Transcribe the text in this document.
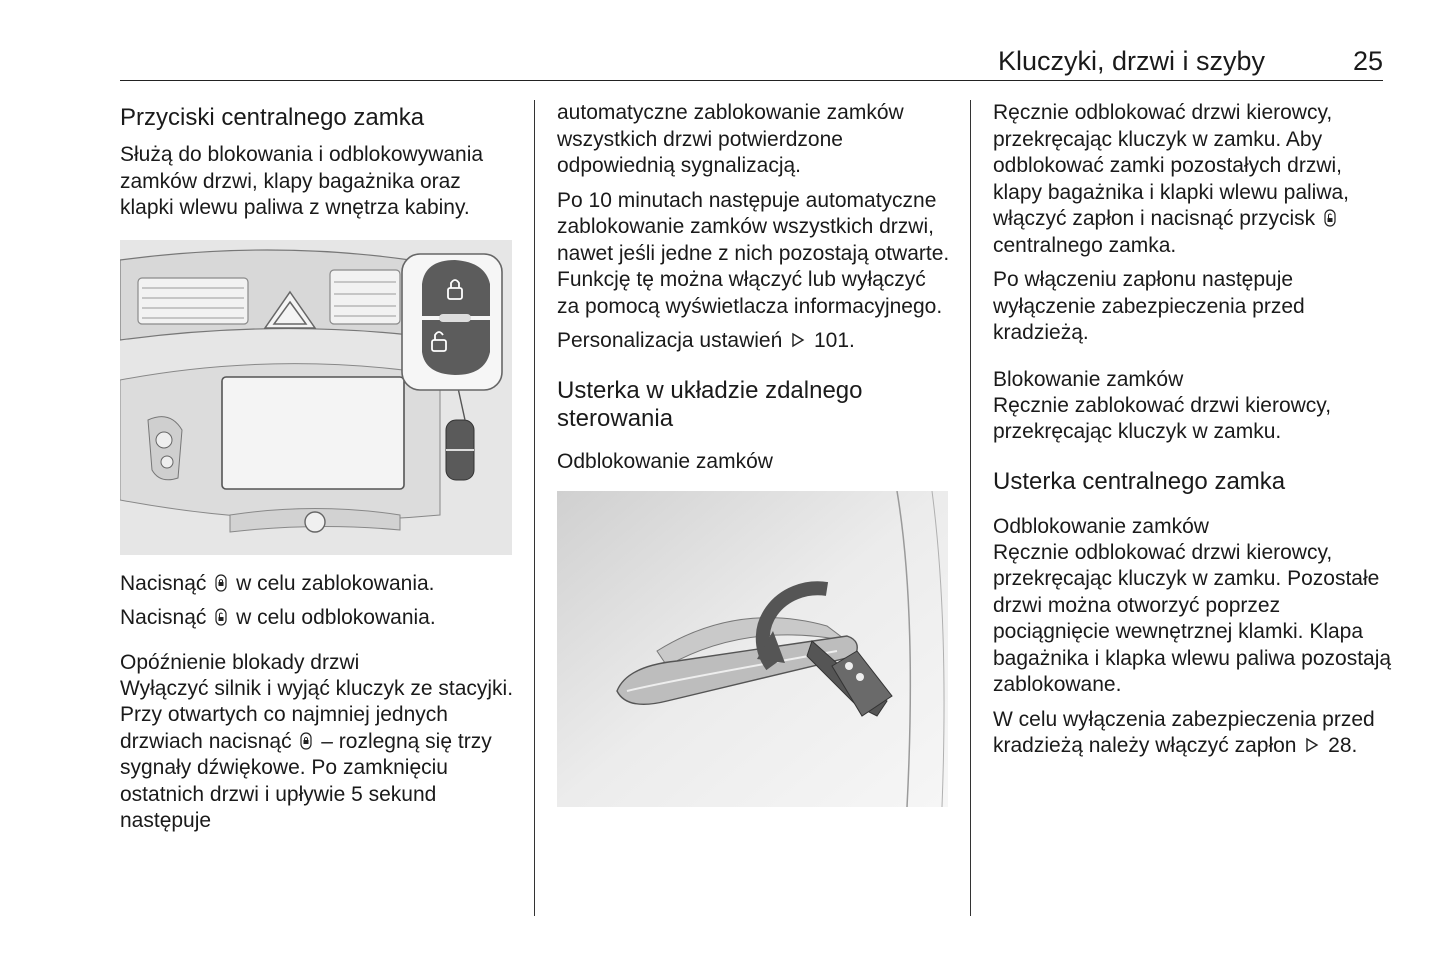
Kluczyki, drzwi i szyby	25
Przyciski centralnego zamka

Służą do blokowania i odblokowywania zamków drzwi, klapy bagażnika oraz klapki wlewu paliwa z wnętrza kabiny.

Nacisnąć w celu zablokowania.

Nacisnąć w celu odblokowania.

Opóźnienie blokady drzwi

Wyłączyć silnik i wyjąć kluczyk ze stacyjki. Przy otwartych co najmniej jednych drzwiach nacisnąć – rozlegną się trzy sygnały dźwiękowe. Po zamknięciu ostatnich drzwi i upływie 5 sekund następuje

automatyczne zablokowanie zamków wszystkich drzwi potwierdzone odpowiednią sygnalizacją.

Po 10 minutach następuje automatyczne zablokowanie zamków wszystkich drzwi, nawet jeśli jedne z nich pozostają otwarte. Funkcję tę można włączyć lub wyłączyć za pomocą wyświetlacza informacyjnego.

Personalizacja ustawień 101.

Usterka w układzie zdalnego sterowania
Odblokowanie zamków

Ręcznie odblokować drzwi kierowcy, przekręcając kluczyk w zamku. Aby odblokować zamki pozostałych drzwi, klapy bagażnika i klapki wlewu paliwa, włączyć zapłon i nacisnąć przycisk  centralnego zamka.

Po włączeniu zapłonu następuje wyłączenie zabezpieczenia przed kradzieżą.

Blokowanie zamków

Ręcznie zablokować drzwi kierowcy, przekręcając kluczyk w zamku.

Usterka centralnego zamka
Odblokowanie zamków

Ręcznie odblokować drzwi kierowcy, przekręcając kluczyk w zamku. Pozostałe drzwi można otworzyć poprzez pociągnięcie wewnętrznej klamki. Klapa bagażnika i klapka wlewu paliwa pozostają zablokowane.

W celu wyłączenia zabezpieczenia przed kradzieżą należy włączyć zapłon 28.
